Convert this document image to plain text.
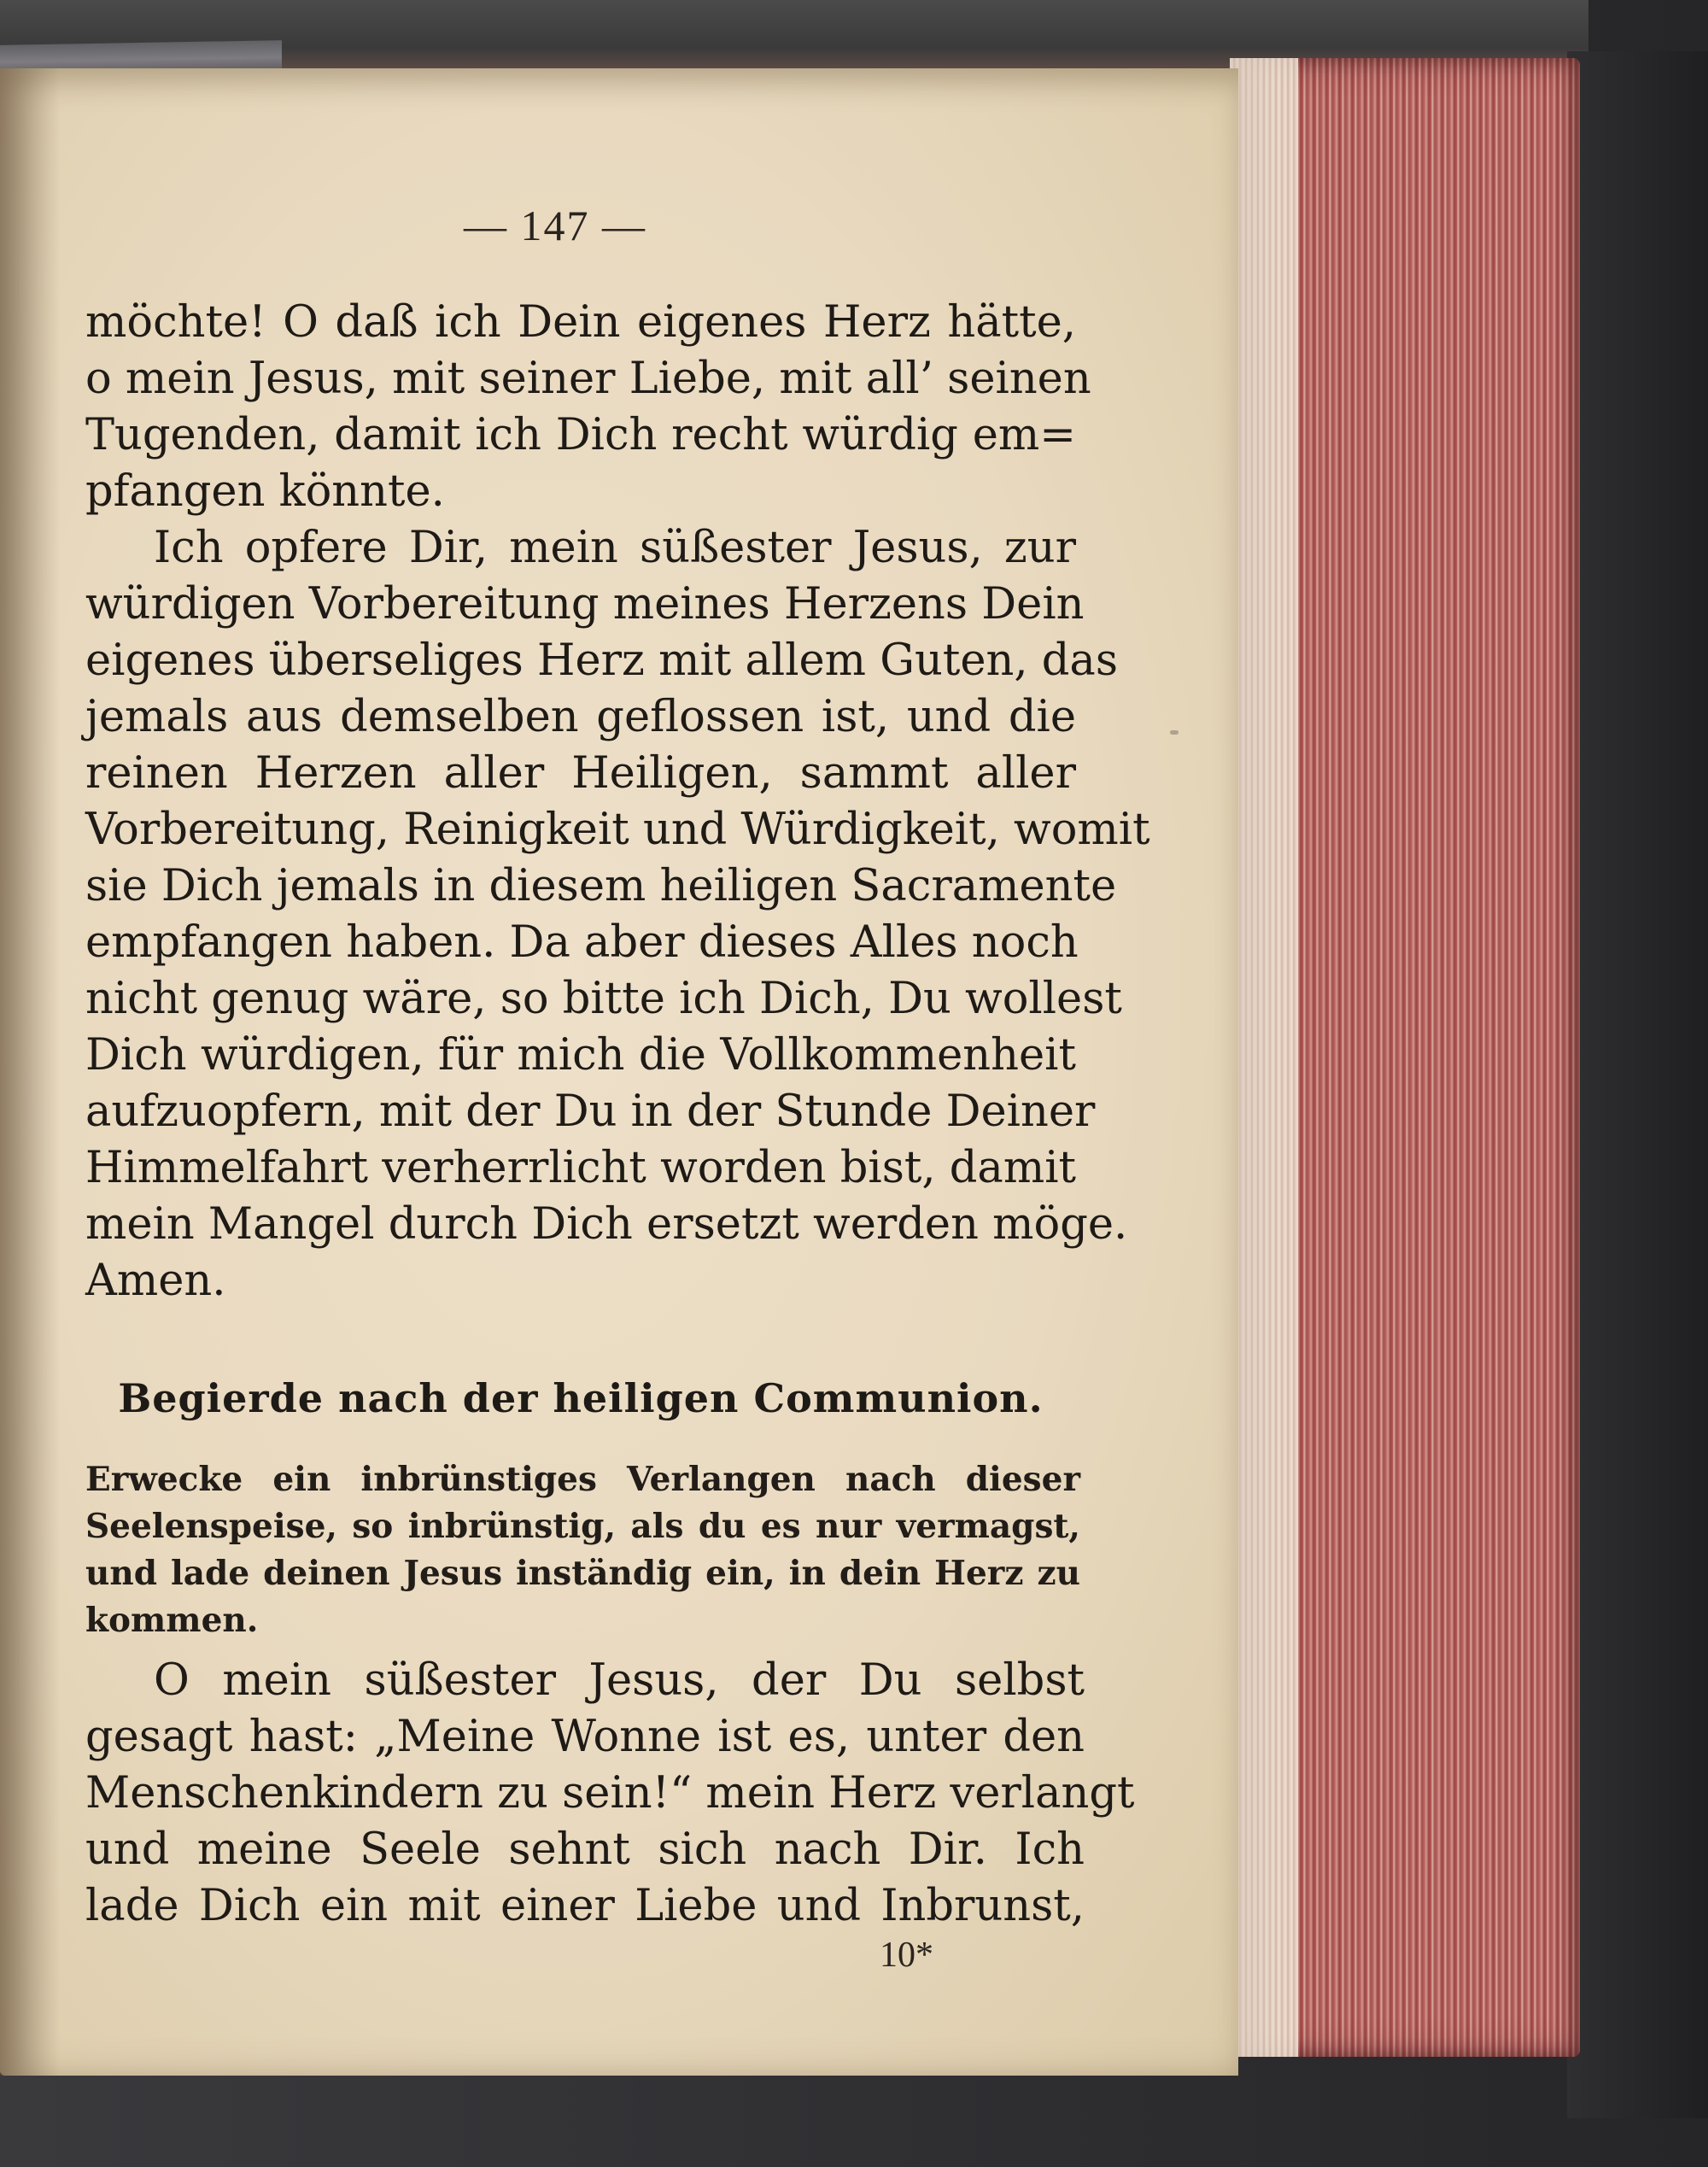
— 147 —
möchte! O daß ich Dein eigenes Herz hätte,
o mein Jesus, mit seiner Liebe, mit all’ seinen
Tugenden, damit ich Dich recht würdig em=
pfangen könnte.
Ich opfere Dir, mein süßester Jesus, zur
würdigen Vorbereitung meines Herzens Dein
eigenes überseliges Herz mit allem Guten, das
jemals aus demselben geflossen ist, und die
reinen Herzen aller Heiligen, sammt aller
Vorbereitung, Reinigkeit und Würdigkeit, womit
sie Dich jemals in diesem heiligen Sacramente
empfangen haben. Da aber dieses Alles noch
nicht genug wäre, so bitte ich Dich, Du wollest
Dich würdigen, für mich die Vollkommenheit
aufzuopfern, mit der Du in der Stunde Deiner
Himmelfahrt verherrlicht worden bist, damit
mein Mangel durch Dich ersetzt werden möge.
Amen.
Begierde nach der heiligen Communion.
Erwecke ein inbrünstiges Verlangen nach dieser
Seelenspeise, so inbrünstig, als du es nur vermagst,
und lade deinen Jesus inständig ein, in dein Herz zu
kommen.
O mein süßester Jesus, der Du selbst
gesagt hast: „Meine Wonne ist es, unter den
Menschenkindern zu sein!“ mein Herz verlangt
und meine Seele sehnt sich nach Dir. Ich
lade Dich ein mit einer Liebe und Inbrunst,
10*
